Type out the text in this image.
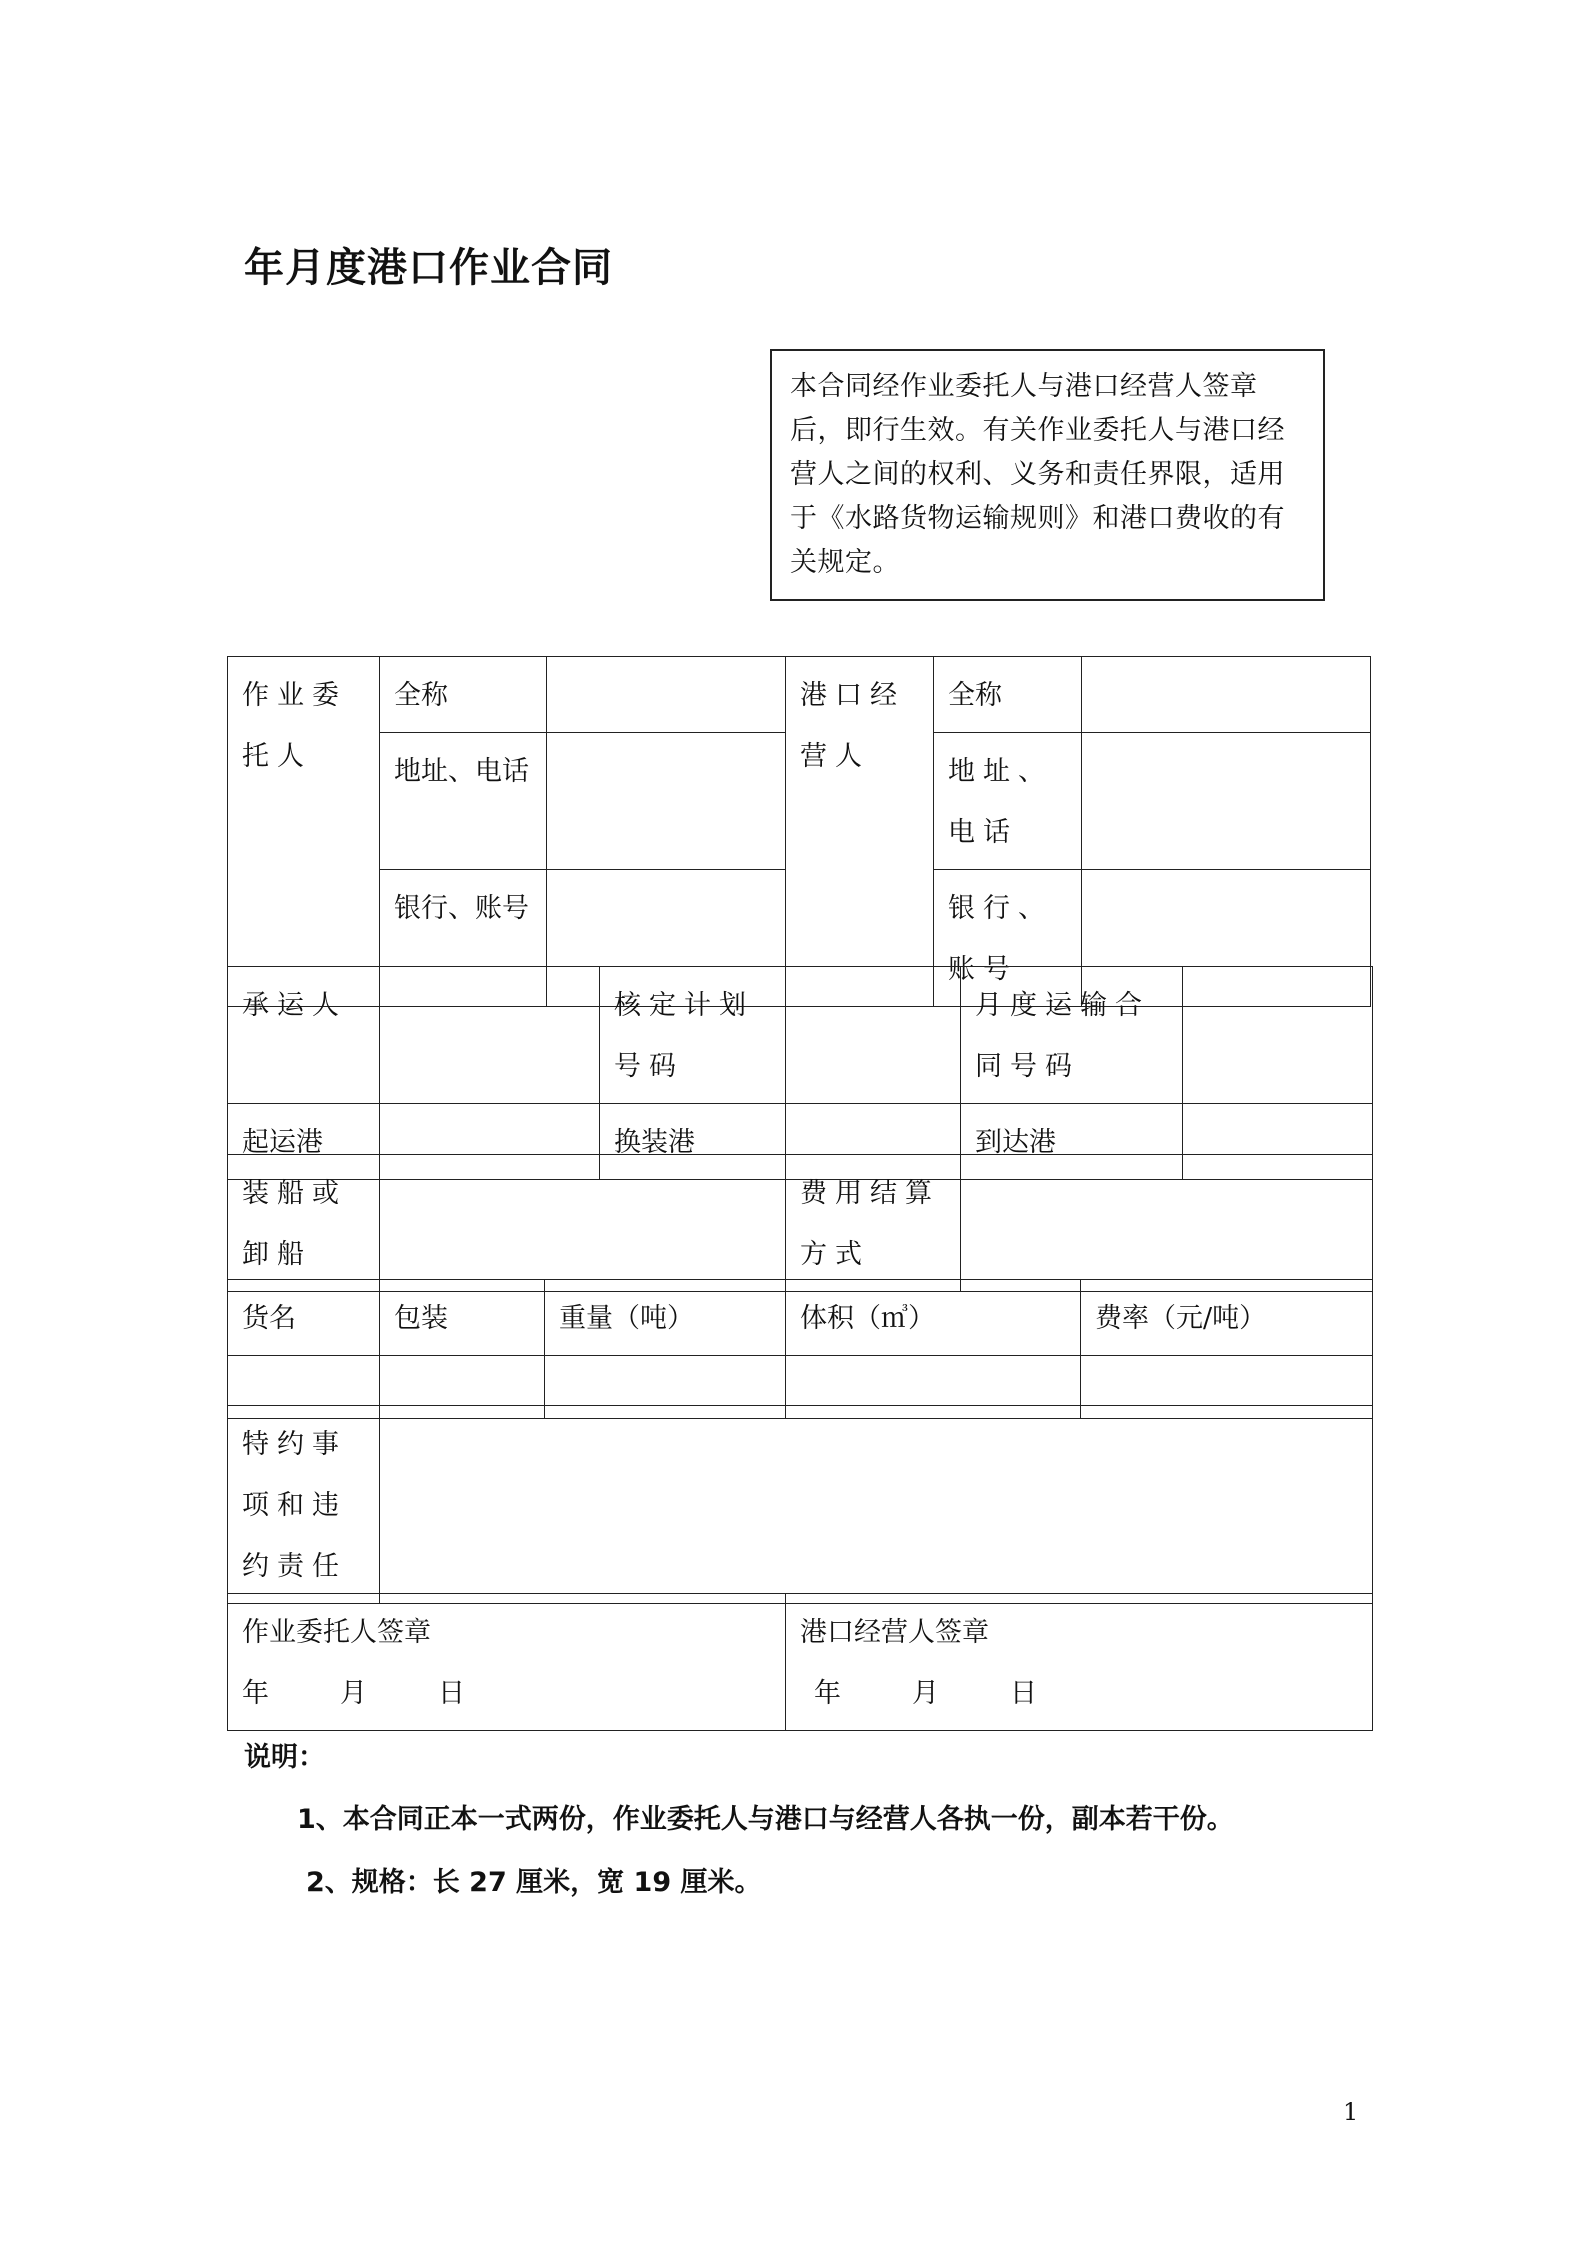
年月度港口作业合同
本合同经作业委托人与港口经营人签章后，即行生效。有关作业委托人与港口经营人之间的权利、义务和责任界限，适用于《水路货物运输规则》和港口费收的有关规定。
作业委托人	全称		港口经营人	全称	
	地址、电话			地址、电话	
	银行、账号			银行、账号	
承运人		核定计划号码		月度运输合同号码	
起运港		换装港		到达港	
装船或卸船		费用结算方式	
货名	包装	重量（吨）	体积（㎥）	费率（元/吨）

特约事项和违约责任	
作业委托人签章
年	月	日

港口经营人签章
年	月	日

说明：

1、本合同正本一式两份，作业委托人与港口与经营人各执一份，副本若干份。

2、规格：长 27 厘米，宽 19 厘米。

1
